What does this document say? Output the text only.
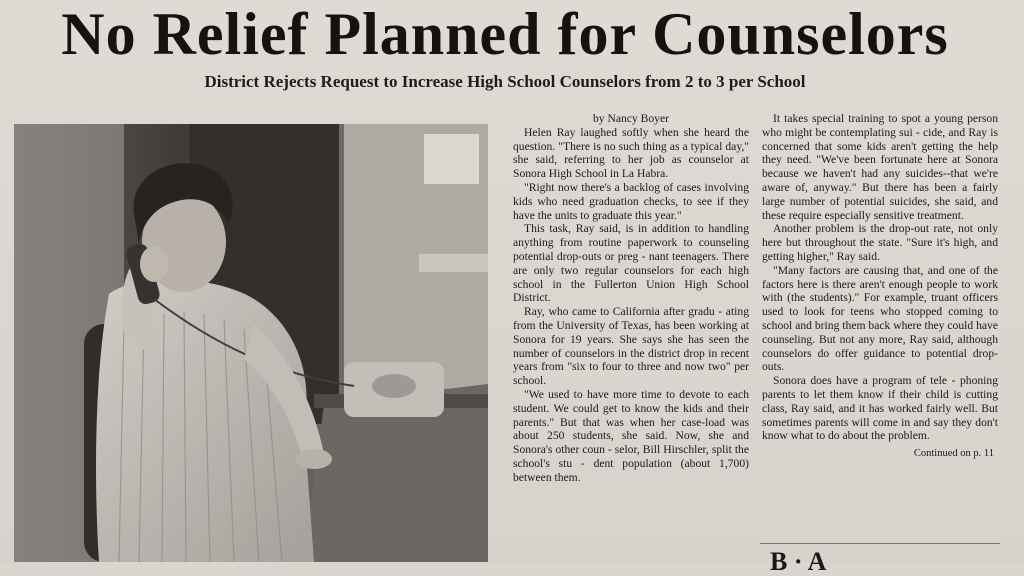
No Relief Planned for Counselors
District Rejects Request to Increase High School Counselors from 2 to 3 per School

by Nancy Boyer

Helen Ray laughed softly when she heard the question. "There is no such thing as a typical day," she said, referring to her job as counselor at Sonora High School in La Habra.

"Right now there's a backlog of cases involving kids who need graduation checks, to see if they have the units to graduate this year."

This task, Ray said, is in addition to handling anything from routine paperwork to counseling potential drop-outs or preg - nant teenagers. There are only two regular counselors for each high school in the Fullerton Union High School District.

Ray, who came to California after gradu - ating from the University of Texas, has been working at Sonora for 19 years. She says she has seen the number of counselors in the district drop in recent years from "six to four to three and now two" per school.

"We used to have more time to devote to each student. We could get to know the kids and their parents." But that was when her case-load was about 250 students, she said. Now, she and Sonora's other coun - selor, Bill Hirschler, split the school's stu - dent population (about 1,700) between them.

It takes special training to spot a young person who might be contemplating sui - cide, and Ray is concerned that some kids aren't getting the help they need. "We've been fortunate here at Sonora because we haven't had any suicides--that we're aware of, anyway." But there has been a fairly large number of potential suicides, she said, and these require especially sensitive treatment.

Another problem is the drop-out rate, not only here but throughout the state. "Sure it's high, and getting higher," Ray said.

"Many factors are causing that, and one of the factors here is there aren't enough people to work with (the students)." For example, truant officers used to look for teens who stopped coming to school and bring them back where they could have counseling. But not any more, Ray said, although counselors do offer guidance to potential drop-outs.

Sonora does have a program of tele - phoning parents to let them know if their child is cutting class, Ray said, and it has worked fairly well. But sometimes parents will come in and say they don't know what to do about the problem.

Continued on p. 11
B · A
